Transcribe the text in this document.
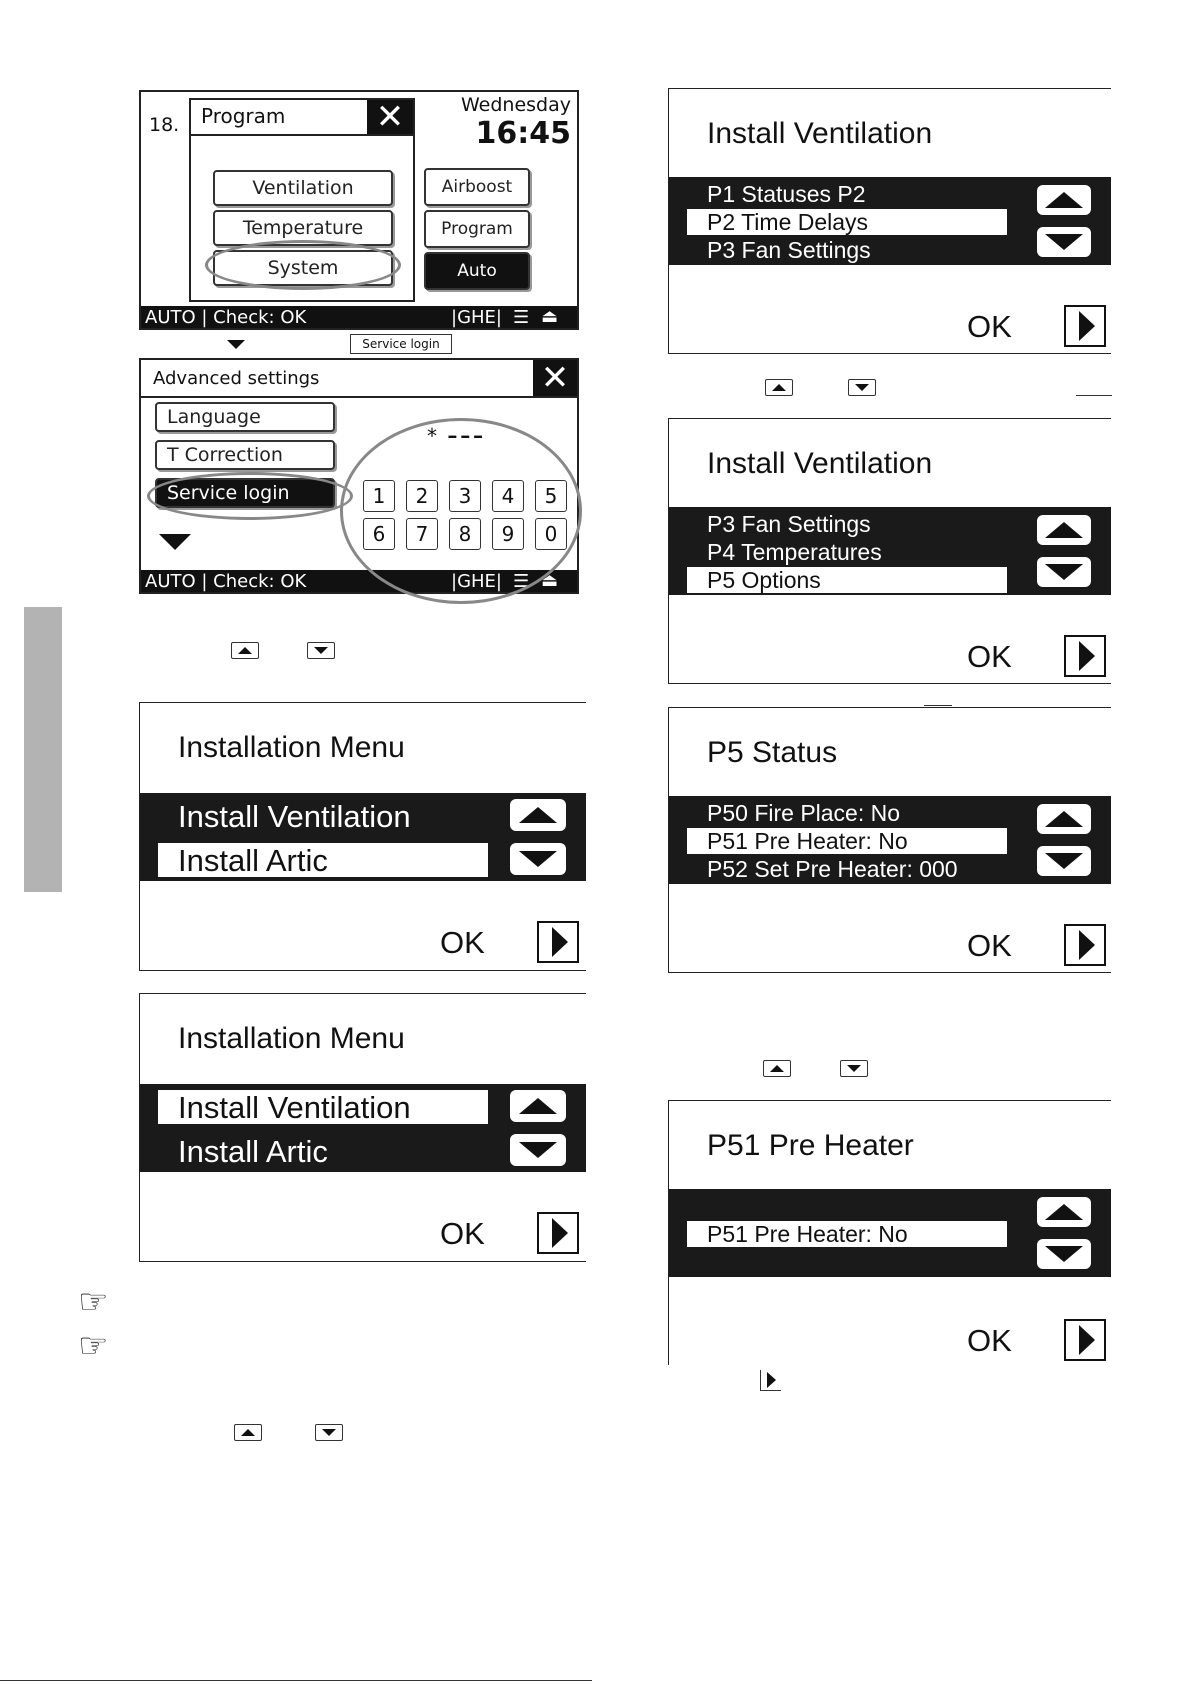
18.
Wednesday
16:45
Program	✕
Ventilation
Temperature
System
Airboost
Program
Auto
AUTO | Check: OK	|GHE| ☰ ⏏
Service login
Advanced settings	✕
Language
T Correction
Service login
* ---
1	2	3	4	5
6	7	8	9	0
AUTO | Check: OK	|GHE| ☰ ⏏
Installation Menu
Install Ventilation
Install Artic
OK
Installation Menu
Install Ventilation
Install Artic
OK
☞
☞
Install Ventilation
P1 Statuses P2
P2 Time Delays
P3 Fan Settings
OK
Install Ventilation
P3 Fan Settings
P4 Temperatures
P5 Options
OK
P5 Status
P50 Fire Place: No
P51 Pre Heater: No
P52 Set Pre Heater: 000
OK
P51 Pre Heater
P51 Pre Heater: No
OK
